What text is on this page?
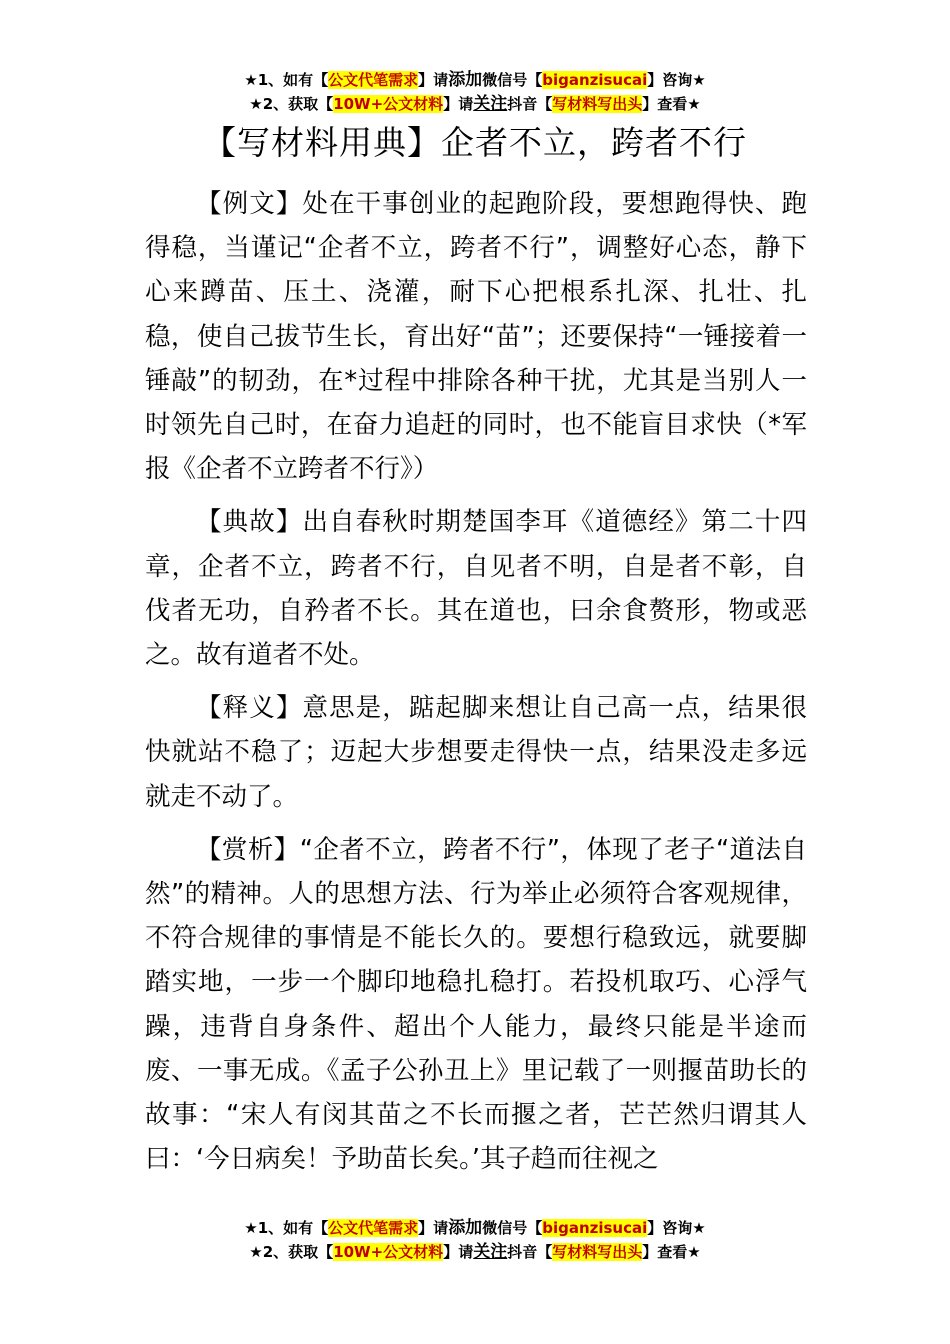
★1、如有【公文代笔需求】请添加微信号【biganzisucai】咨询★
★2、获取【10W+公文材料】请关注抖音【写材料写出头】查看★
【写材料用典】企者不立，跨者不行

【例文】处在干事创业的起跑阶段，要想跑得快、跑得稳，当谨记“企者不立，跨者不行”，调整好心态，静下心来蹲苗、压土、浇灌，耐下心把根系扎深、扎壮、扎稳，使自己拔节生长，育出好“苗”；还要保持“一锤接着一锤敲”的韧劲，在*过程中排除各种干扰，尤其是当别人一时领先自己时，在奋力追赶的同时，也不能盲目求快（*军报《企者不立跨者不行》）

【典故】出自春秋时期楚国李耳《道德经》第二十四章，企者不立，跨者不行，自见者不明，自是者不彰，自伐者无功，自矜者不长。其在道也，曰余食赘形，物或恶之。故有道者不处。

【释义】意思是，踮起脚来想让自己高一点，结果很快就站不稳了；迈起大步想要走得快一点，结果没走多远就走不动了。

【赏析】“企者不立，跨者不行”，体现了老子“道法自然”的精神。人的思想方法、行为举止必须符合客观规律，不符合规律的事情是不能长久的。要想行稳致远，就要脚踏实地，一步一个脚印地稳扎稳打。若投机取巧、心浮气躁，违背自身条件、超出个人能力，最终只能是半途而废、一事无成。《孟子公孙丑上》里记载了一则揠苗助长的故事：“宋人有闵其苗之不长而揠之者，芒芒然归谓其人曰：‘今日病矣！予助苗长矣。’其子趋而往视之

★1、如有【公文代笔需求】请添加微信号【biganzisucai】咨询★
★2、获取【10W+公文材料】请关注抖音【写材料写出头】查看★
